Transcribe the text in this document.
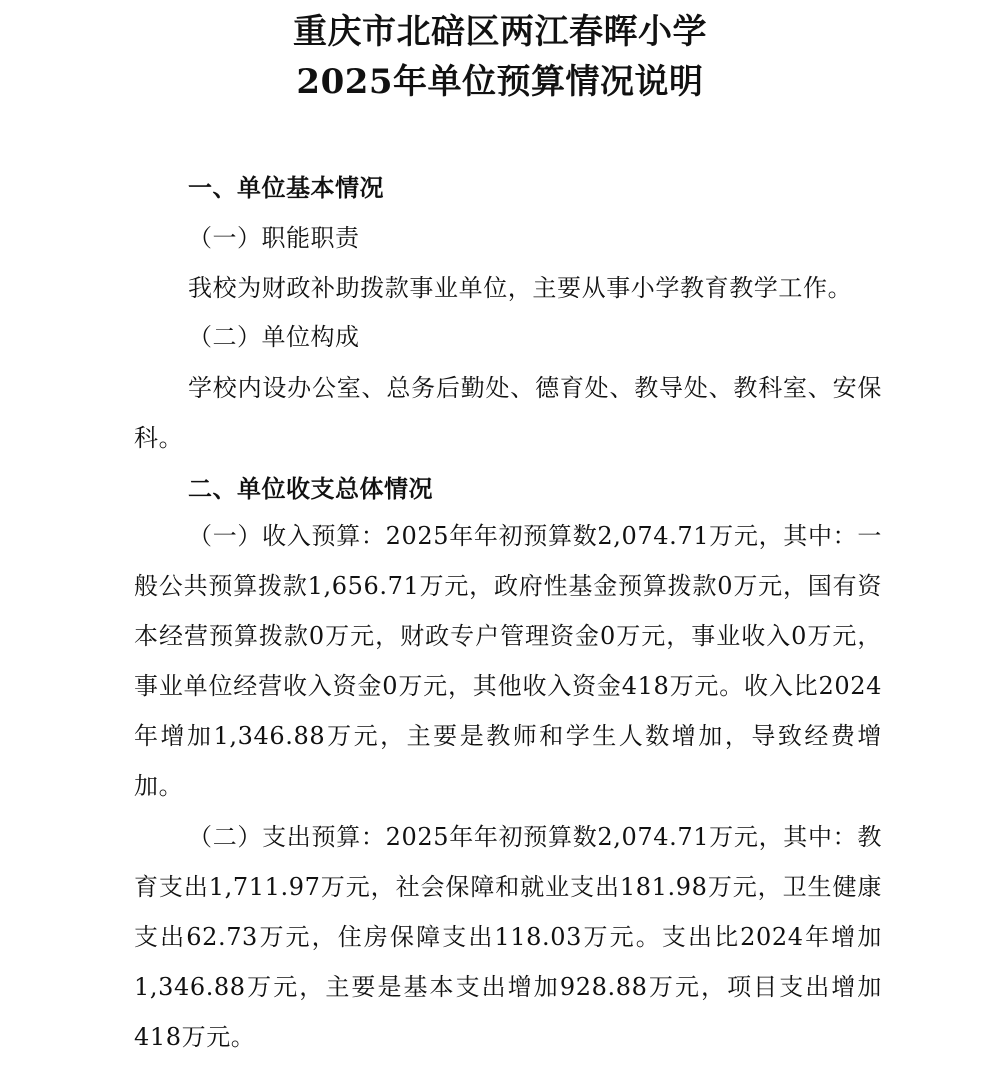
重庆市北碚区两江春晖小学
2025年单位预算情况说明
一、单位基本情况
（一）职能职责

我校为财政补助拨款事业单位，主要从事小学教育教学工作。

（二）单位构成

学校内设办公室、总务后勤处、德育处、教导处、教科室、安保科。

二、单位收支总体情况

（一）收入预算：2025年年初预算数2,074.71万元，其中：一般公共预算拨款1,656.71万元，政府性基金预算拨款0万元，国有资本经营预算拨款0万元，财政专户管理资金0万元，事业收入0万元，事业单位经营收入资金0万元，其他收入资金418万元。收入比2024年增加1,346.88万元，主要是教师和学生人数增加，导致经费增加。

（二）支出预算：2025年年初预算数2,074.71万元，其中：教育支出1,711.97万元，社会保障和就业支出181.98万元，卫生健康支出62.73万元，住房保障支出118.03万元。支出比2024年增加1,346.88万元，主要是基本支出增加928.88万元，项目支出增加418万元。
